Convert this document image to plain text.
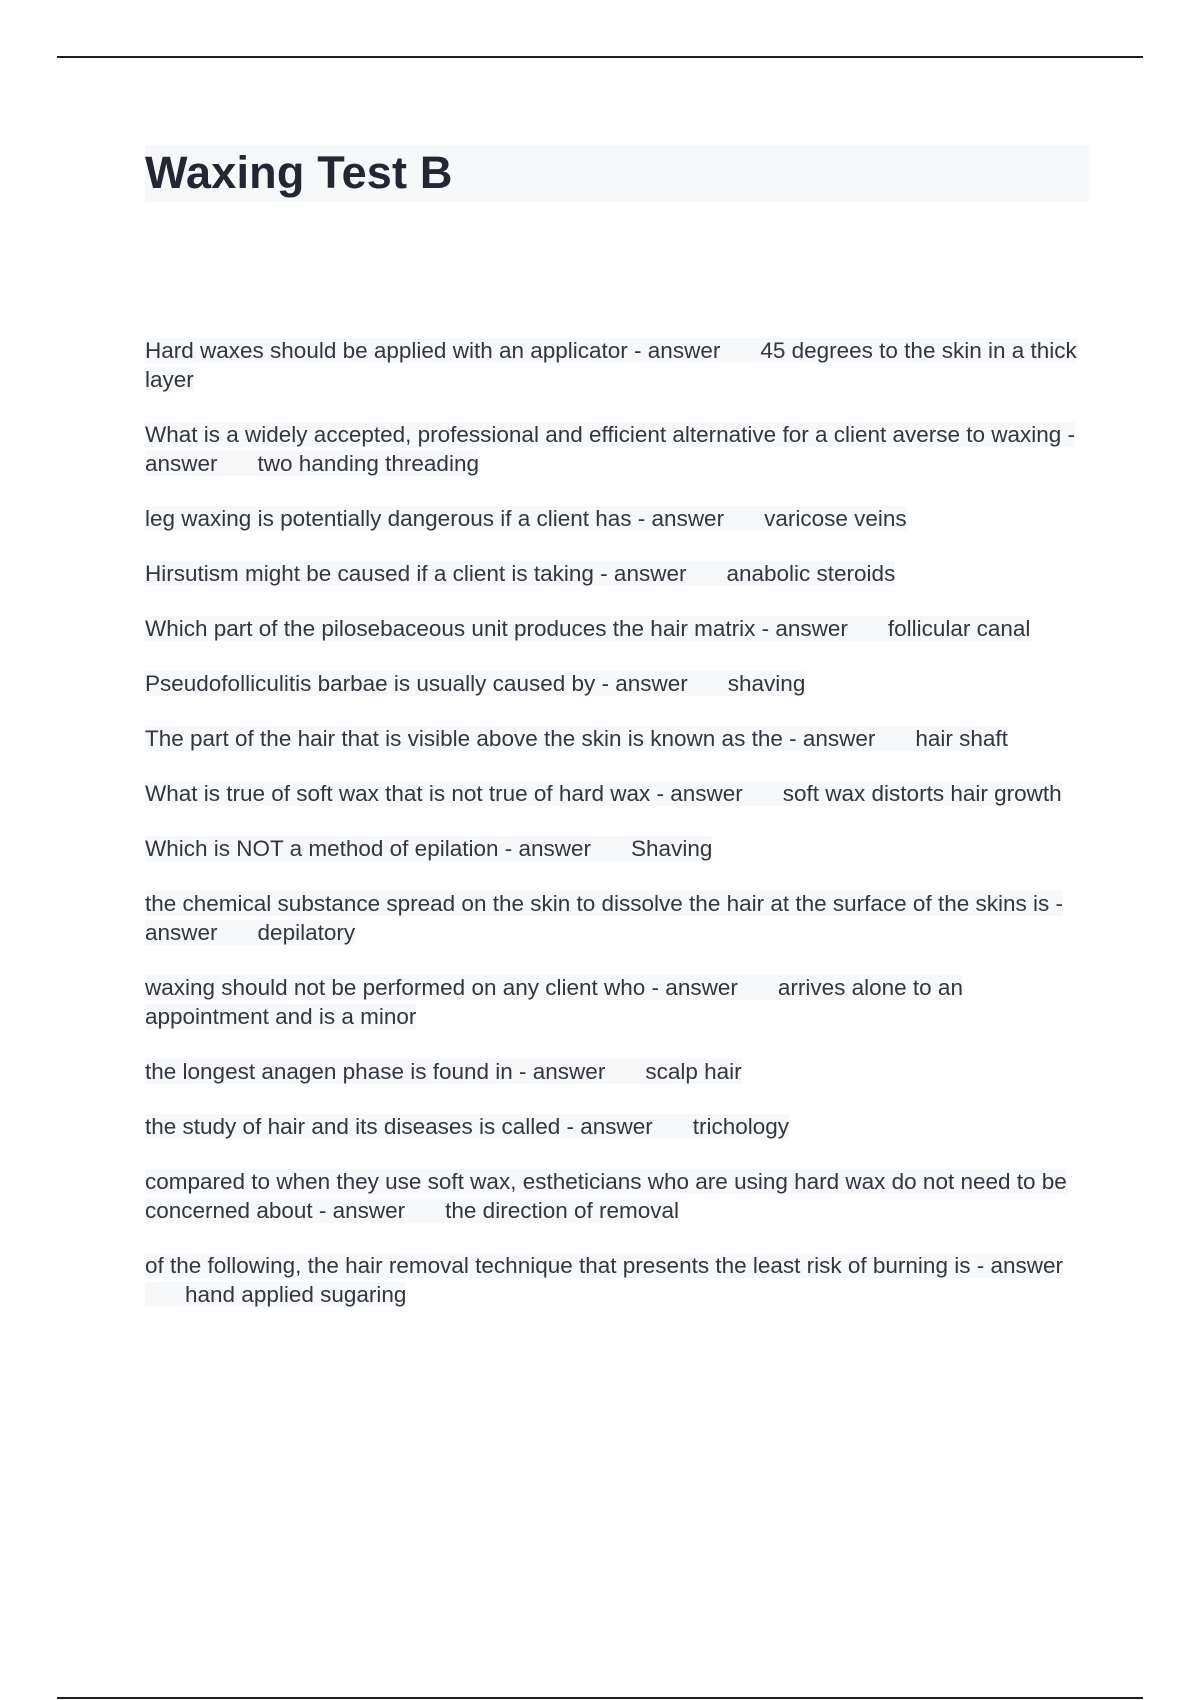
Waxing Test B

Hard waxes should be applied with an applicator - answer 45 degrees to the skin in a thick layer

What is a widely accepted, professional and efficient alternative for a client averse to waxing - answer two handing threading

leg waxing is potentially dangerous if a client has - answer varicose veins

Hirsutism might be caused if a client is taking - answer anabolic steroids

Which part of the pilosebaceous unit produces the hair matrix - answer follicular canal

Pseudofolliculitis barbae is usually caused by - answer shaving

The part of the hair that is visible above the skin is known as the - answer hair shaft

What is true of soft wax that is not true of hard wax - answer soft wax distorts hair growth

Which is NOT a method of epilation - answer Shaving

the chemical substance spread on the skin to dissolve the hair at the surface of the skins is - answer depilatory

waxing should not be performed on any client who - answer arrives alone to an appointment and is a minor

the longest anagen phase is found in - answer scalp hair

the study of hair and its diseases is called - answer trichology

compared to when they use soft wax, estheticians who are using hard wax do not need to be concerned about - answer the direction of removal

of the following, the hair removal technique that presents the least risk of burning is - answerhand applied sugaring
